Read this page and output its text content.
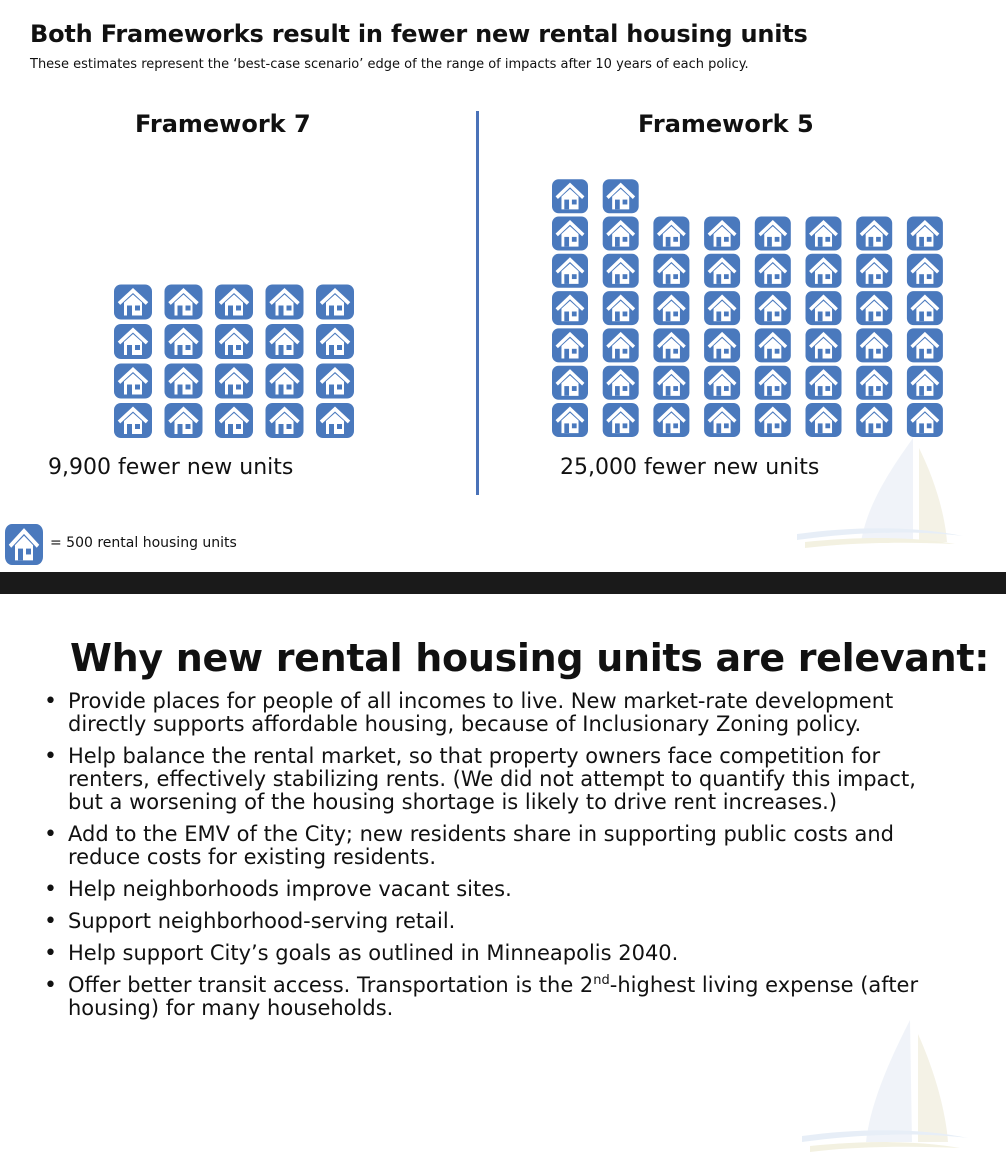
Both Frameworks result in fewer new rental housing units
These estimates represent the ‘best-case scenario’ edge of the range of impacts after 10 years of each policy.
Framework 7	Framework 5
9,900 fewer new units	25,000 fewer new units
= 500 rental housing units
Why new rental housing units are relevant:
• Provide places for people of all incomes to live. New market-rate development directly supports affordable housing, because of Inclusionary Zoning policy.
• Help balance the rental market, so that property owners face competition for renters, effectively stabilizing rents. (We did not attempt to quantify this impact, but a worsening of the housing shortage is likely to drive rent increases.)
• Add to the EMV of the City; new residents share in supporting public costs and reduce costs for existing residents.
• Help neighborhoods improve vacant sites.
• Support neighborhood-serving retail.
• Help support City’s goals as outlined in Minneapolis 2040.
• Offer better transit access. Transportation is the 2nd-highest living expense (after housing) for many households.
